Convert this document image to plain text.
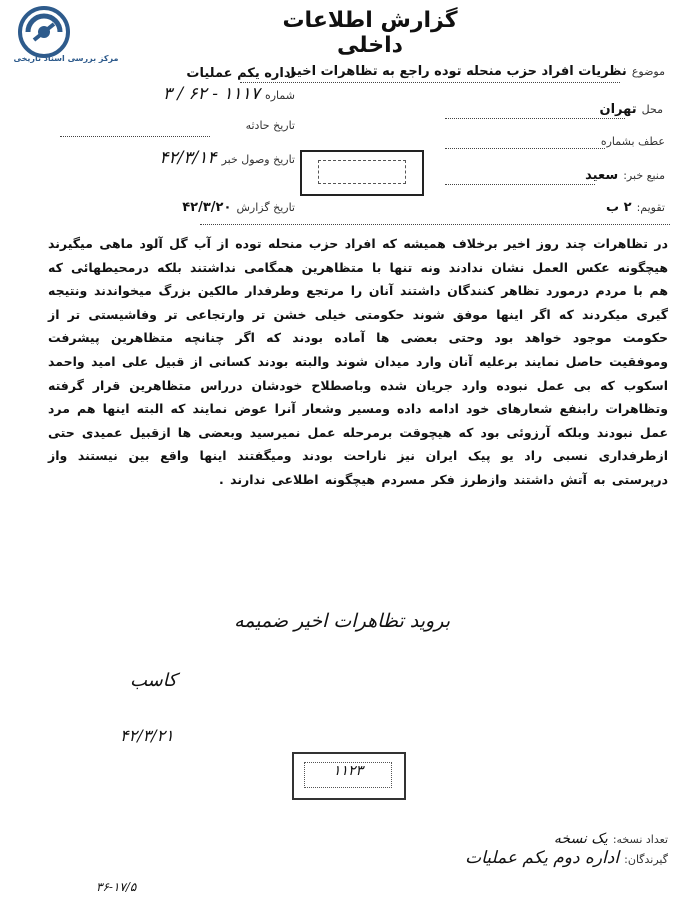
مرکز بررسی اسناد تاریخی
گزارش اطلاعات داخلی
موضوع نظریات افراد حزب منحله توده راجع به تظاهرات اخیر
محل تهران
عطف بشماره
منبع خبر: سعید
تقویم: ۲ ب
اداره یکم عملیات
شماره ۱۱۱۷ - ۶۲ / ۳
تاریخ حادثه
تاریخ وصول خبر ۴۲/۳/۱۴
تاریخ گزارش ۴۲/۳/۲۰
در تظاهرات چند روز اخیر برخلاف همیشه که افراد حزب منحله توده از آب گل آلود ماهی میگیرند هیچگونه عکس العمل نشان ندادند ونه تنها با متظاهرین همگامی نداشتند بلکه درمحیطهائی که هم با مردم درمورد تظاهر کنندگان داشتند آنان را مرتجع وطرفدار مالکین بزرگ میخواندند ونتیجه گیری میکردند که اگر اینها موفق شوند حکومتی خیلی خشن تر وارتجاعی تر وفاشیستی تر از حکومت موجود خواهد بود وحتی بعضی ها آماده بودند که اگر چنانچه متظاهرین پیشرفت وموفقیت حاصل نمایند برعلیه آنان وارد میدان شوند والبته بودند کسانی از قبیل علی امید واحمد اسکوب که بی عمل نبوده وارد جریان شده وباصطلاح خودشان درراس متظاهرین قرار گرفته وتظاهرات رابنفع شعارهای خود ادامه داده ومسیر وشعار آنرا عوض نمایند که البته اینها هم مرد عمل نبودند وبلکه آرزوئی بود که هیچوقت برمرحله عمل نمیرسید وبعضی ها ازقبیل عمیدی حتی ازطرفداری نسبی راد یو پیک ایران نیز ناراحت بودند ومیگفتند اینها واقع بین نیستند واز درپرستی به آتش داشتند وازطرز فکر مسردم هیچگونه اطلاعی ندارند .
بروید تظاهرات اخیر ضمیمه
کاسب
۴۲/۳/۲۱
۱۱۲۳
تعداد نسخه: یک نسخه
گیرندگان: اداره دوم یکم عملیات
۳۶-۱۷/۵
